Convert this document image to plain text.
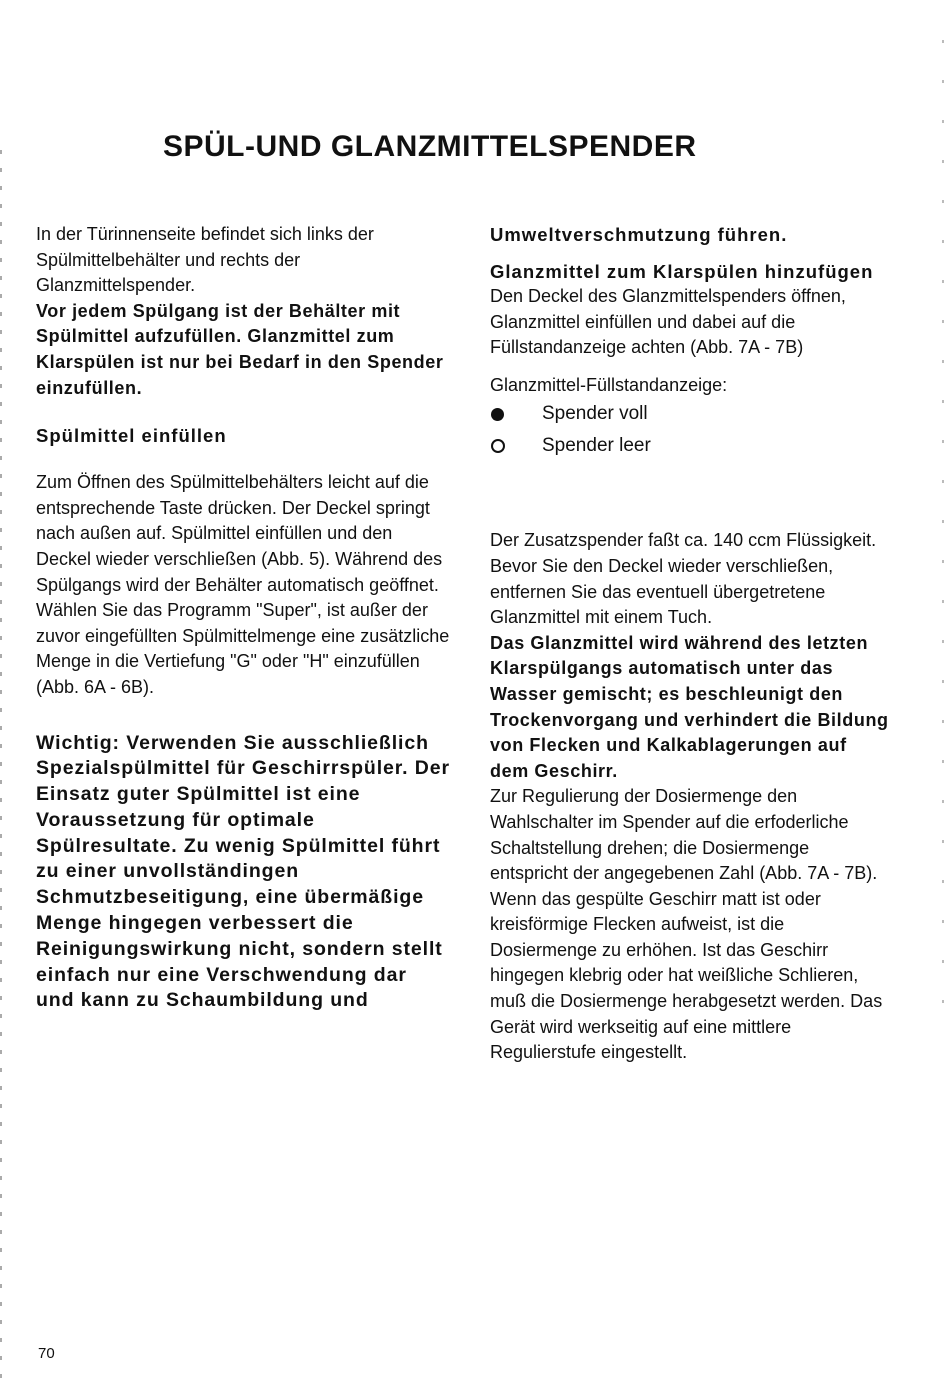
SPÜL-UND GLANZMITTELSPENDER

In der Türinnenseite befindet sich links der Spülmittelbehälter und rechts der Glanzmittelspender.

Vor jedem Spülgang ist der Behälter mit Spülmittel aufzufüllen. Glanzmittel zum Klarspülen ist nur bei Bedarf in den Spender einzufüllen.

Spülmittel einfüllen

Zum Öffnen des Spülmittelbehälters leicht auf die entsprechende Taste drücken. Der Deckel springt nach außen auf. Spülmittel einfüllen und den Deckel wieder verschließen (Abb. 5). Während des Spülgangs wird der Behälter automatisch geöffnet. Wählen Sie das Programm "Super", ist außer der zuvor eingefüllten Spülmittelmenge eine zusätzliche Menge in die Vertiefung "G" oder "H" einzufüllen (Abb. 6A - 6B).

Wichtig: Verwenden Sie ausschließlich Spezialspülmittel für Geschirrspüler. Der Einsatz guter Spülmittel ist eine Voraussetzung für optimale Spülresultate. Zu wenig Spülmittel führt zu einer unvollständingen Schmutzbeseitigung, eine übermäßige Menge hingegen verbessert die Reinigungswirkung nicht, sondern stellt einfach nur eine Verschwendung dar und kann zu Schaumbildung und

Umweltverschmutzung führen.

Glanzmittel zum Klarspülen hinzufügen

Den Deckel des Glanzmittelspenders öffnen, Glanzmittel einfüllen und dabei auf die Füllstandanzeige achten (Abb. 7A - 7B)

Glanzmittel-Füllstandanzeige:

Spender voll
Spender leer

Der Zusatzspender faßt ca. 140 ccm Flüssigkeit. Bevor Sie den Deckel wieder verschließen, entfernen Sie das eventuell übergetretene Glanzmittel mit einem Tuch.

Das Glanzmittel wird während des letzten Klarspülgangs automatisch unter das Wasser gemischt; es beschleunigt den Trockenvorgang und verhindert die Bildung von Flecken und Kalkablagerungen auf dem Geschirr.

Zur Regulierung der Dosiermenge den Wahlschalter im Spender auf die erfoderliche Schaltstellung drehen; die Dosiermenge entspricht der angegebenen Zahl (Abb. 7A - 7B). Wenn das gespülte Geschirr matt ist oder kreisförmige Flecken aufweist, ist die Dosiermenge zu erhöhen. Ist das Geschirr hingegen klebrig oder hat weißliche Schlieren, muß die Dosiermenge herabgesetzt werden. Das Gerät wird werkseitig auf eine mittlere Regulierstufe eingestellt.

70
